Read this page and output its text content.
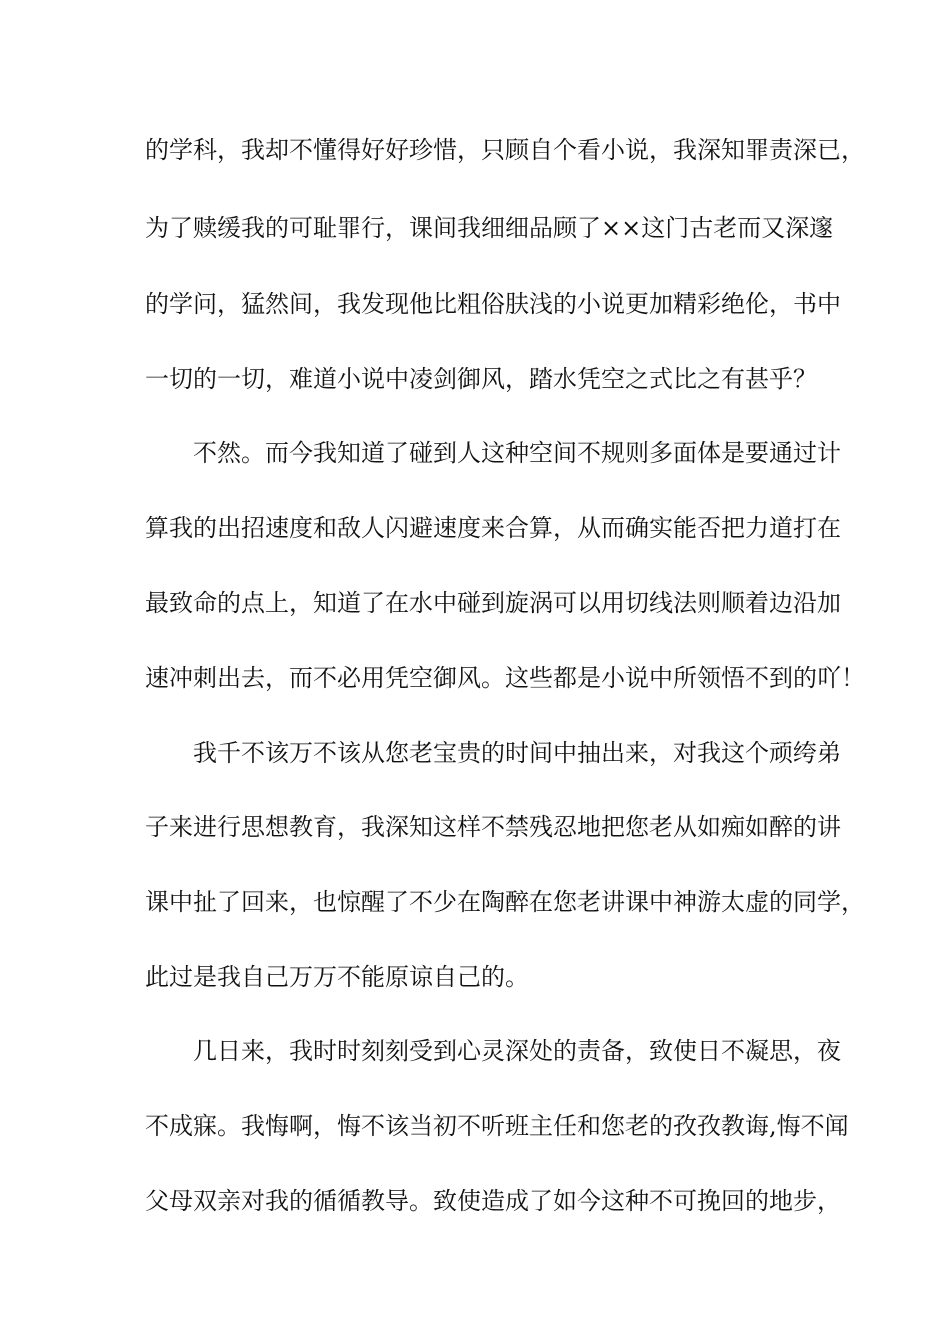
的学科，我却不懂得好好珍惜，只顾自个看小说，我深知罪责深已，
为了赎缓我的可耻罪行，课间我细细品顾了××这门古老而又深邃
的学问，猛然间，我发现他比粗俗肤浅的小说更加精彩绝伦，书中
一切的一切，难道小说中凌剑御风，踏水凭空之式比之有甚乎？
不然。而今我知道了碰到人这种空间不规则多面体是要通过计
算我的出招速度和敌人闪避速度来合算，从而确实能否把力道打在
最致命的点上，知道了在水中碰到旋涡可以用切线法则顺着边沿加
速冲刺出去，而不必用凭空御风。这些都是小说中所领悟不到的吖！
我千不该万不该从您老宝贵的时间中抽出来，对我这个顽绔弟
子来进行思想教育，我深知这样不禁残忍地把您老从如痴如醉的讲
课中扯了回来，也惊醒了不少在陶醉在您老讲课中神游太虚的同学，
此过是我自己万万不能原谅自己的。
几日来，我时时刻刻受到心灵深处的责备，致使日不凝思，夜
不成寐。我悔啊，悔不该当初不听班主任和您老的孜孜教诲,悔不闻
父母双亲对我的循循教导。致使造成了如今这种不可挽回的地步，
